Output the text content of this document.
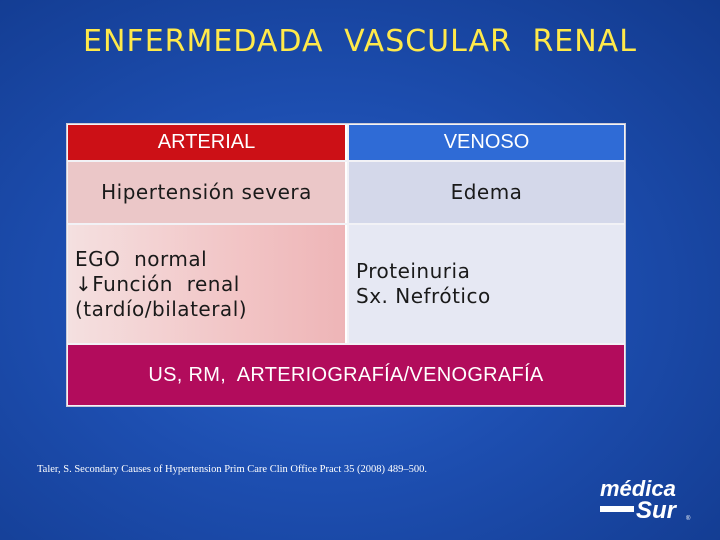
ENFERMEDADA VASCULAR RENAL
ARTERIAL	VENOSO
Hipertensión severa	Edema
EGO  normal
↓Función  renal
(tardío/bilateral)
Proteinuria
Sx. Nefrótico
US, RM,  ARTERIOGRAFÍA/VENOGRAFÍA
Taler, S. Secondary Causes of Hypertension Prim Care Clin Office Pract 35 (2008) 489–500.
médica
Sur ®
